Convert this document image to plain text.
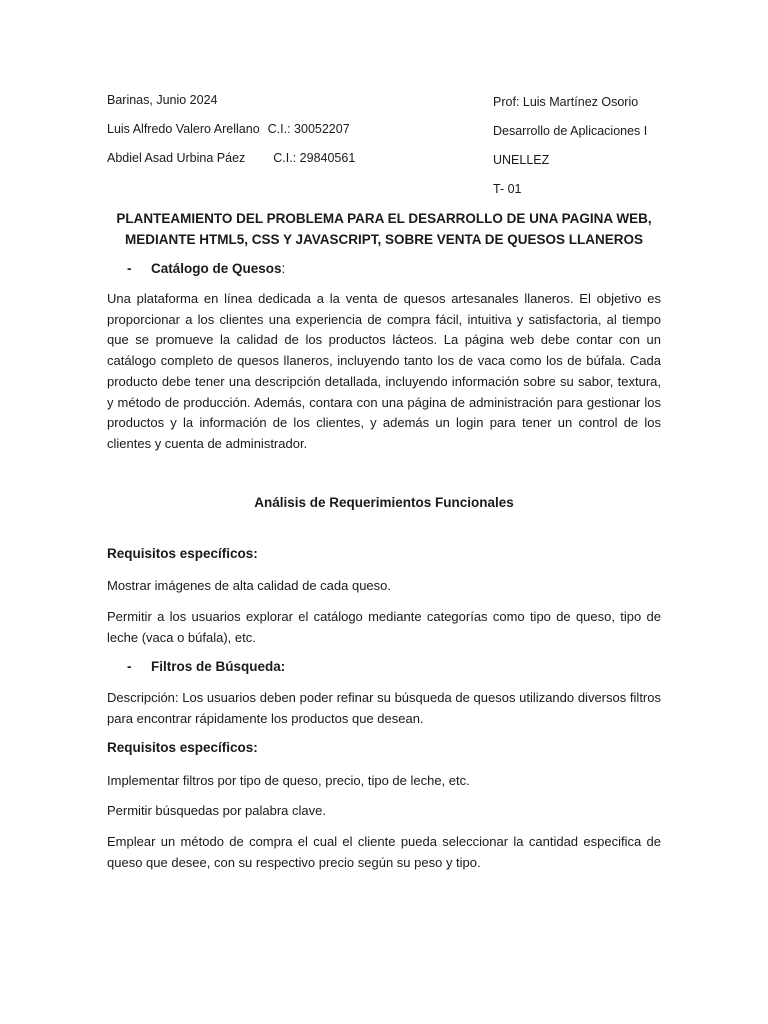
Barinas, Junio 2024
Luis Alfredo Valero Arellano C.I.: 30052207
Abdiel Asad Urbina Páez C.I.: 29840561
Prof: Luis Martínez Osorio
Desarrollo de Aplicaciones I
UNELLEZ
T- 01
PLANTEAMIENTO DEL PROBLEMA PARA EL DESARROLLO DE UNA PAGINA WEB,
MEDIANTE HTML5, CSS Y JAVASCRIPT, SOBRE VENTA DE QUESOS LLANEROS
- Catálogo de Quesos:
Una plataforma en línea dedicada a la venta de quesos artesanales llaneros. El objetivo es proporcionar a los clientes una experiencia de compra fácil, intuitiva y satisfactoria, al tiempo que se promueve la calidad de los productos lácteos. La página web debe contar con un catálogo completo de quesos llaneros, incluyendo tanto los de vaca como los de búfala. Cada producto debe tener una descripción detallada, incluyendo información sobre su sabor, textura, y método de producción. Además, contara con una página de administración para gestionar los productos y la información de los clientes, y además un login para tener un control de los clientes y cuenta de administrador.
Análisis de Requerimientos Funcionales
Requisitos específicos:
Mostrar imágenes de alta calidad de cada queso.
Permitir a los usuarios explorar el catálogo mediante categorías como tipo de queso, tipo de leche (vaca o búfala), etc.
- Filtros de Búsqueda:
Descripción: Los usuarios deben poder refinar su búsqueda de quesos utilizando diversos filtros para encontrar rápidamente los productos que desean.
Requisitos específicos:
Implementar filtros por tipo de queso, precio, tipo de leche, etc.
Permitir búsquedas por palabra clave.
Emplear un método de compra el cual el cliente pueda seleccionar la cantidad especifica de queso que desee, con su respectivo precio según su peso y tipo.
